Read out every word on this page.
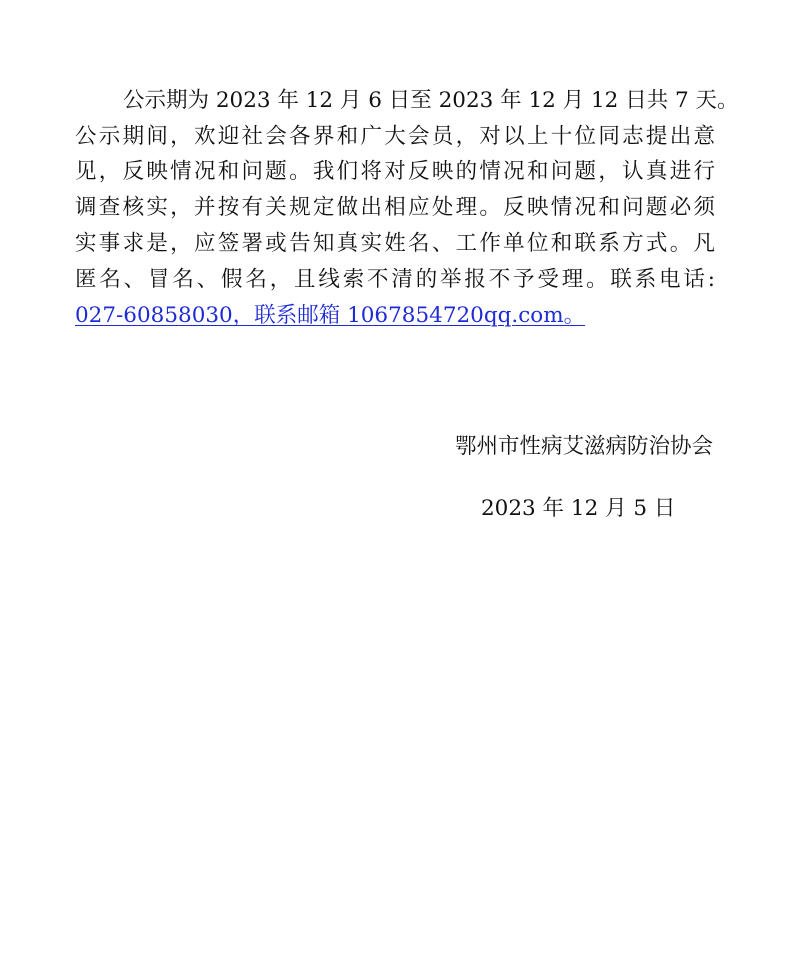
公示期为 2023 年 12 月 6 日至 2023 年 12 月 12 日共 7 天。
公示期间，欢迎社会各界和广大会员，对以上十位同志提出意
见，反映情况和问题。我们将对反映的情况和问题，认真进行
调查核实，并按有关规定做出相应处理。反映情况和问题必须
实事求是，应签署或告知真实姓名、工作单位和联系方式。凡
匿名、冒名、假名，且线索不清的举报不予受理。联系电话:
027-60858030，联系邮箱 1067854720qq.com。
鄂州市性病艾滋病防治协会
2023 年 12 月 5 日
